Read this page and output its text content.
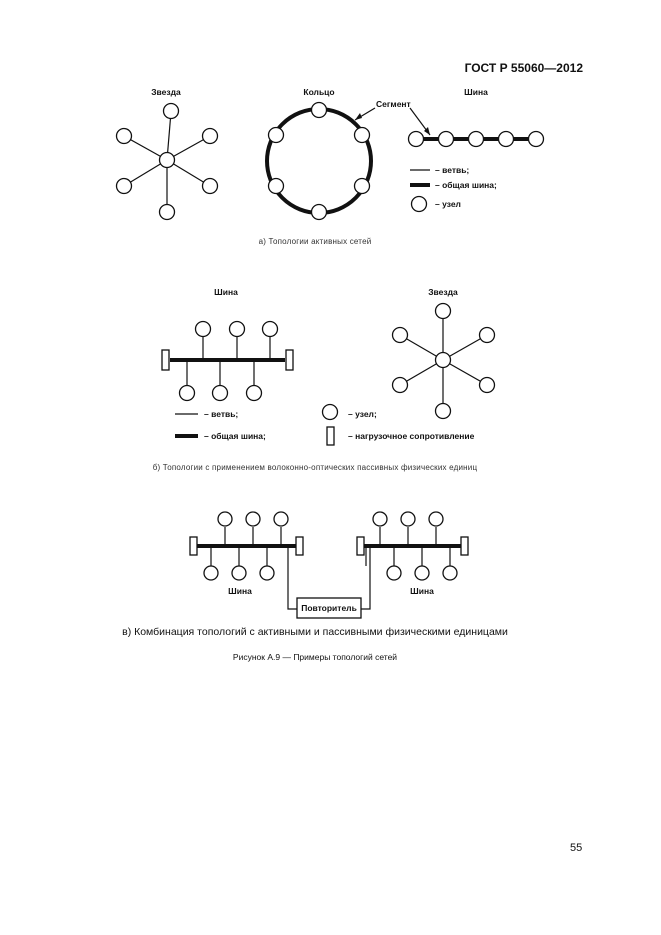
ГОСТ Р 55060—2012
55
Звезда	Кольцо
Сегмент
Шина
– ветвь;
– общая шина;
– узел
а) Топологии активных сетей
Шина	Звезда
– ветвь;
– общая шина;
– узел;
– нагрузочное сопротивление
б) Топологии с применением волоконно-оптических пассивных физических единиц
Шина	Шина
Повторитель
в) Комбинация топологий с активными и пассивными физическими единицами
Рисунок А.9 — Примеры топологий сетей
